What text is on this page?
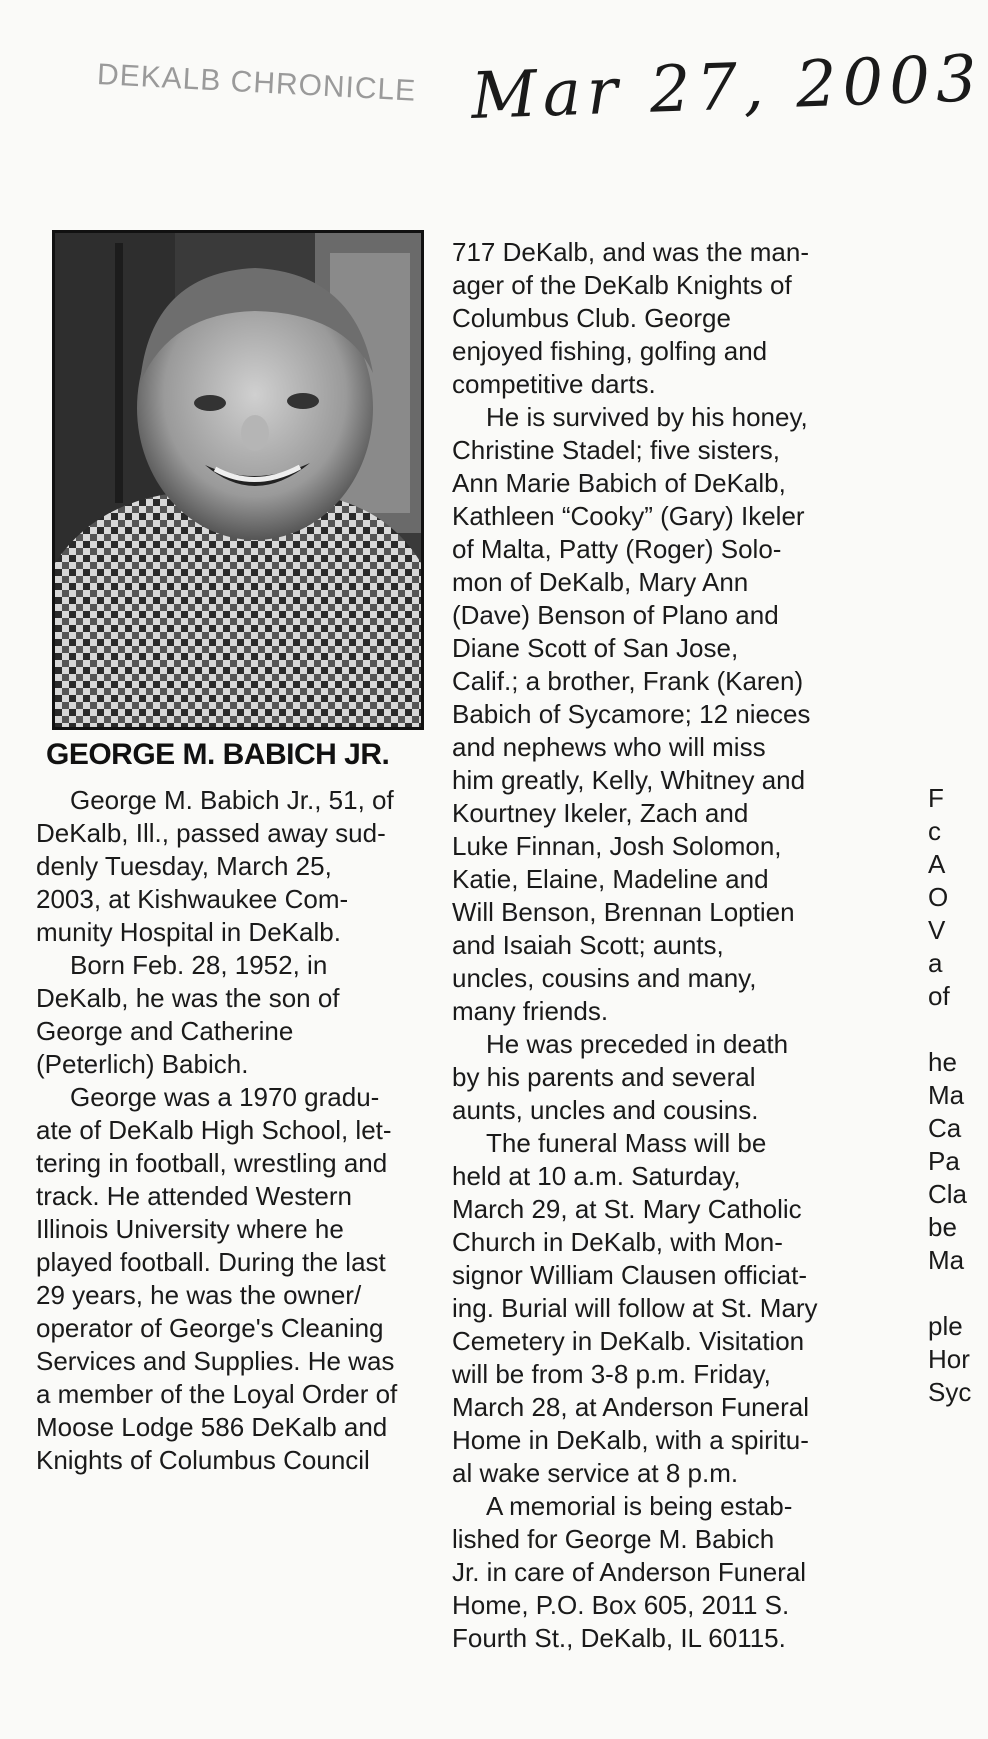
DEKALB CHRONICLE Mar 27, 2003
GEORGE M. BABICH JR.

George M. Babich Jr., 51, of
DeKalb, Ill., passed away sud-
denly Tuesday, March 25,
2003, at Kishwaukee Com-
munity Hospital in DeKalb.

Born Feb. 28, 1952, in
DeKalb, he was the son of
George and Catherine
(Peterlich) Babich.

George was a 1970 gradu-
ate of DeKalb High School, let-
tering in football, wrestling and
track. He attended Western
Illinois University where he
played football. During the last
29 years, he was the owner/
operator of George's Cleaning
Services and Supplies. He was
a member of the Loyal Order of
Moose Lodge 586 DeKalb and
Knights of Columbus Council

717 DeKalb, and was the man-
ager of the DeKalb Knights of
Columbus Club. George
enjoyed fishing, golfing and
competitive darts.

He is survived by his honey,
Christine Stadel; five sisters,
Ann Marie Babich of DeKalb,
Kathleen “Cooky” (Gary) Ikeler
of Malta, Patty (Roger) Solo-
mon of DeKalb, Mary Ann
(Dave) Benson of Plano and
Diane Scott of San Jose,
Calif.; a brother, Frank (Karen)
Babich of Sycamore; 12 nieces
and nephews who will miss
him greatly, Kelly, Whitney and
Kourtney Ikeler, Zach and
Luke Finnan, Josh Solomon,
Katie, Elaine, Madeline and
Will Benson, Brennan Loptien
and Isaiah Scott; aunts,
uncles, cousins and many,
many friends.

He was preceded in death
by his parents and several
aunts, uncles and cousins.

The funeral Mass will be
held at 10 a.m. Saturday,
March 29, at St. Mary Catholic
Church in DeKalb, with Mon-
signor William Clausen officiat-
ing. Burial will follow at St. Mary
Cemetery in DeKalb. Visitation
will be from 3-8 p.m. Friday,
March 28, at Anderson Funeral
Home in DeKalb, with a spiritu-
al wake service at 8 p.m.

A memorial is being estab-
lished for George M. Babich
Jr. in care of Anderson Funeral
Home, P.O. Box 605, 2011 S.
Fourth St., DeKalb, IL 60115.

F
c
A
O
V
a
of
he
Ma
Ca
Pa
Cla
be
Ma
ple
Hor
Syc
